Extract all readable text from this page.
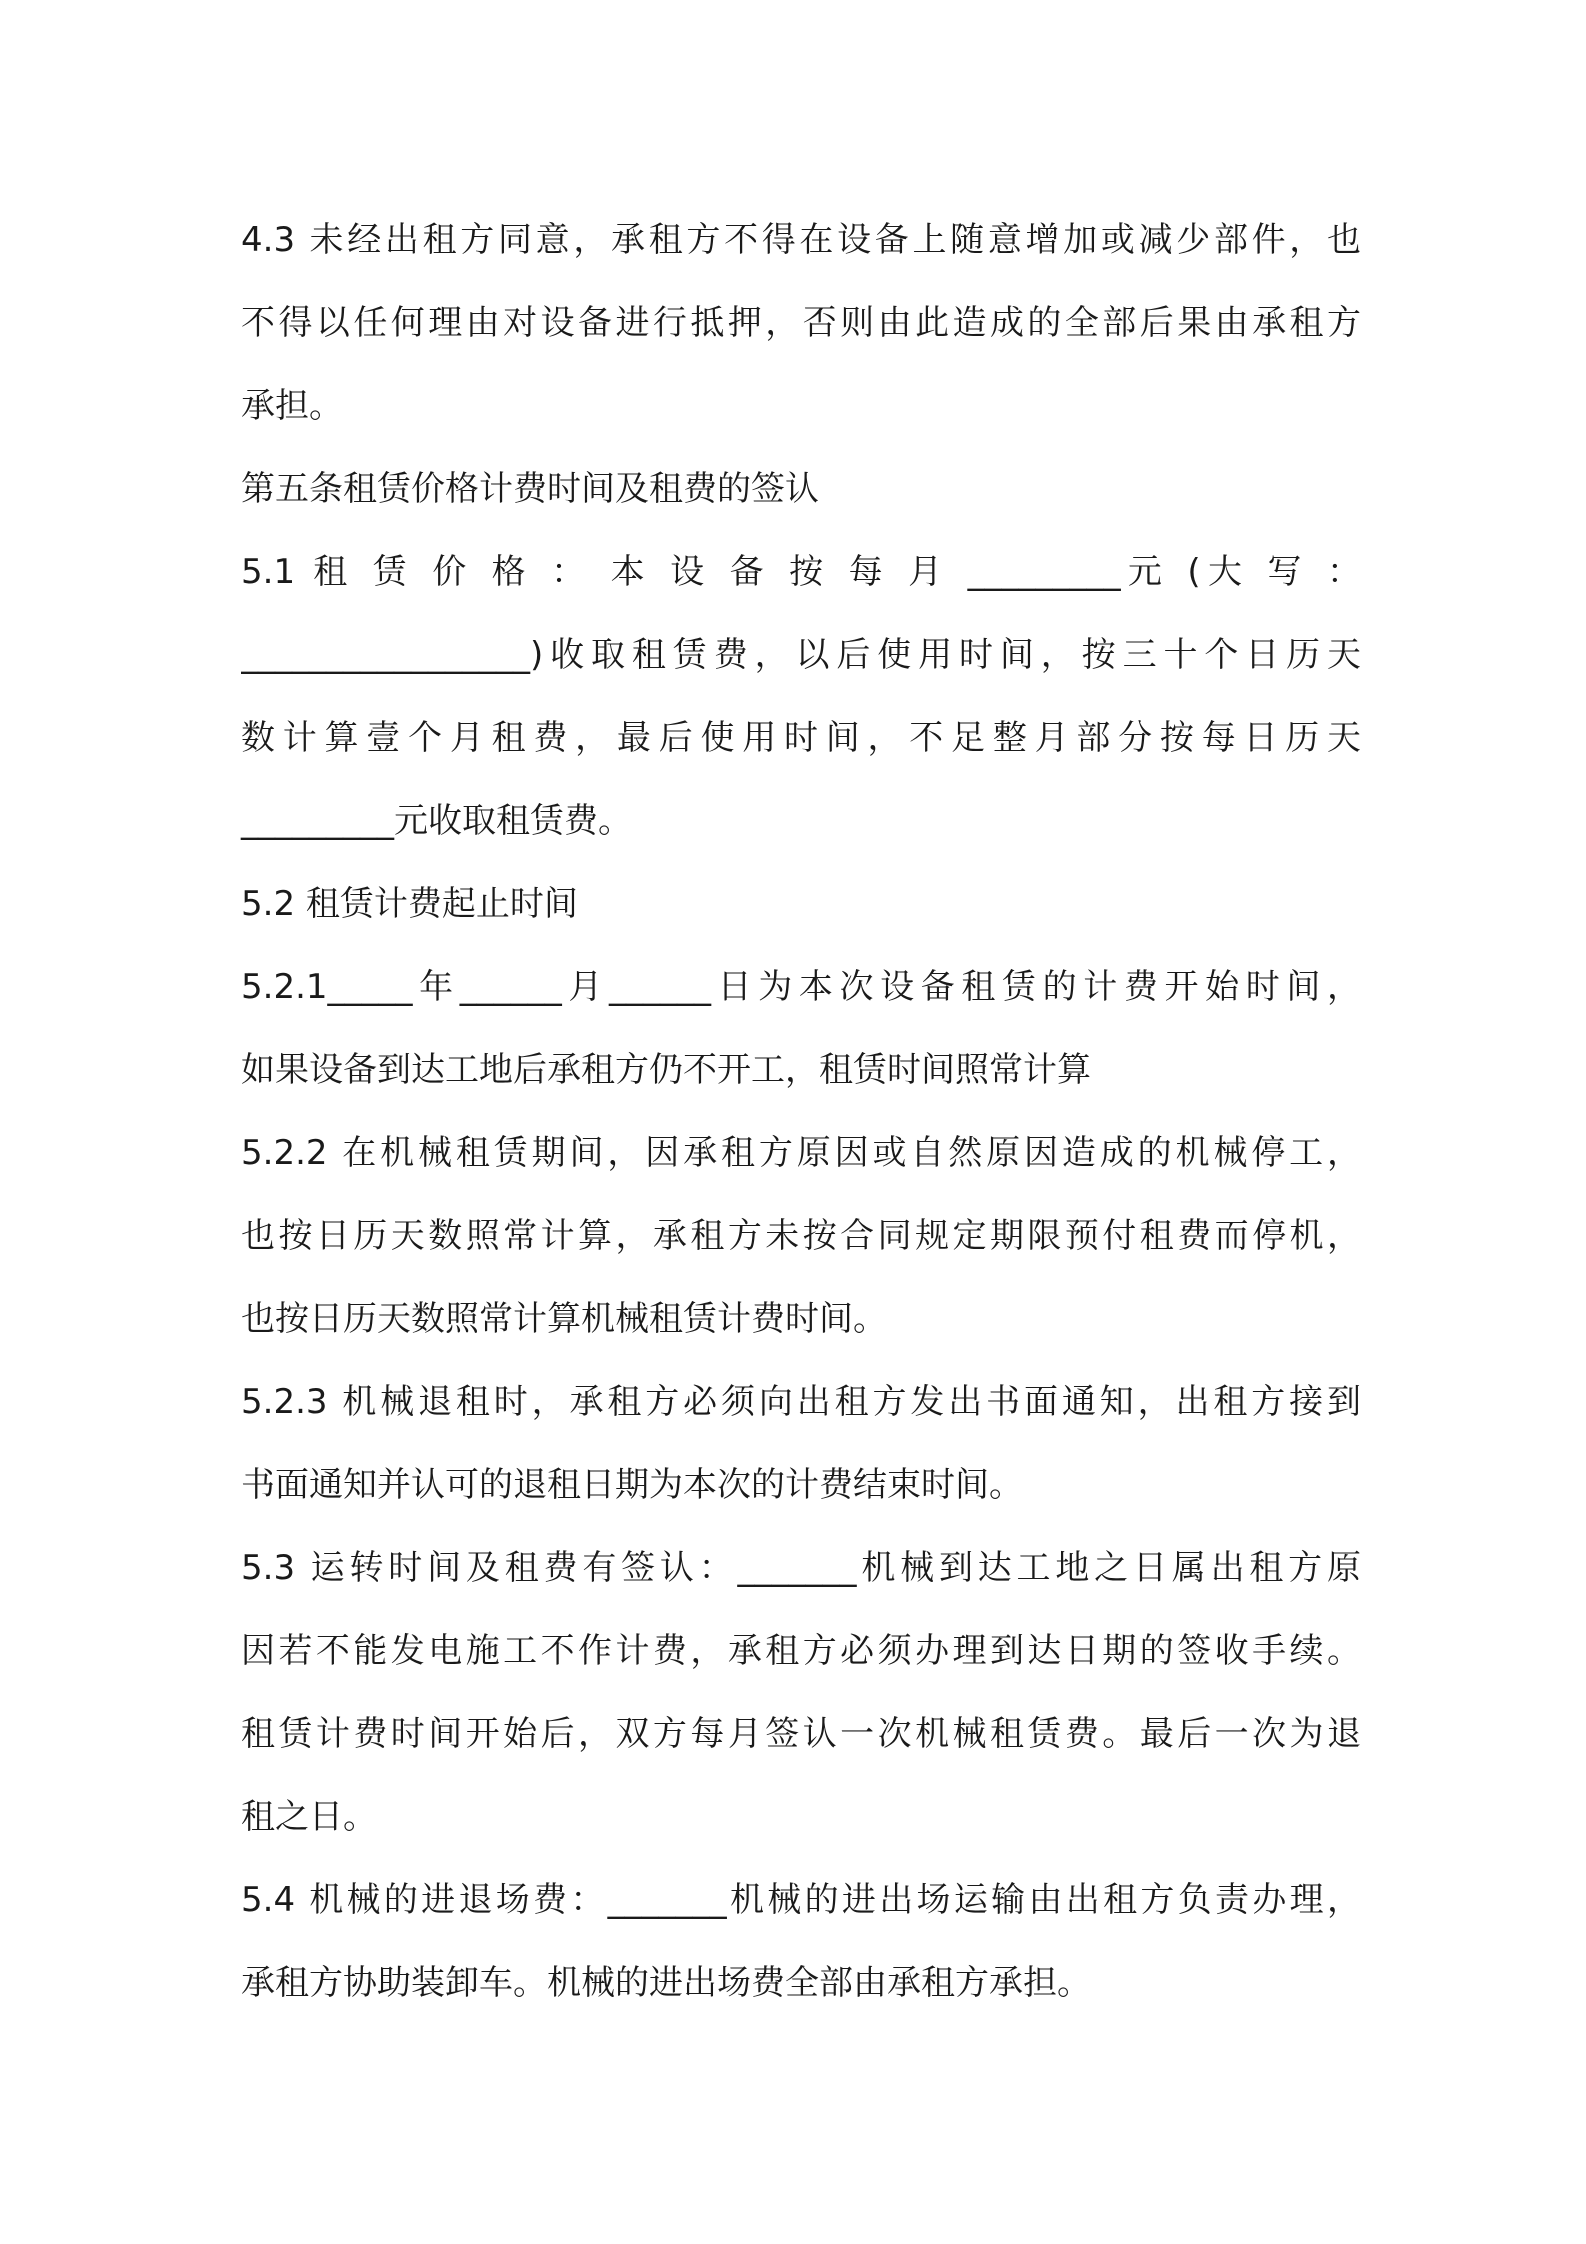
4.3 未经出租方同意，承租方不得在设备上随意增加或减少部件，也
不得以任何理由对设备进行抵押，否则由此造成的全部后果由承租方
承担。

第五条租赁价格计费时间及租费的签认

5.1 租 赁 价 格 ： 本 设 备 按 每 月 _________元 (大 写 ：
_________________)收取租赁费，以后使用时间，按三十个日历天
数计算壹个月租费，最后使用时间，不足整月部分按每日历天
_________元收取租赁费。

5.2 租赁计费起止时间

5.2.1_____年______月______日为本次设备租赁的计费开始时间，
如果设备到达工地后承租方仍不开工，租赁时间照常计算

5.2.2 在机械租赁期间，因承租方原因或自然原因造成的机械停工，
也按日历天数照常计算，承租方未按合同规定期限预付租费而停机，
也按日历天数照常计算机械租赁计费时间。

5.2.3 机械退租时，承租方必须向出租方发出书面通知，出租方接到
书面通知并认可的退租日期为本次的计费结束时间。

5.3 运转时间及租费有签认：_______机械到达工地之日属出租方原
因若不能发电施工不作计费，承租方必须办理到达日期的签收手续。
租赁计费时间开始后，双方每月签认一次机械租赁费。最后一次为退
租之日。

5.4 机械的进退场费：_______机械的进出场运输由出租方负责办理，
承租方协助装卸车。机械的进出场费全部由承租方承担。
